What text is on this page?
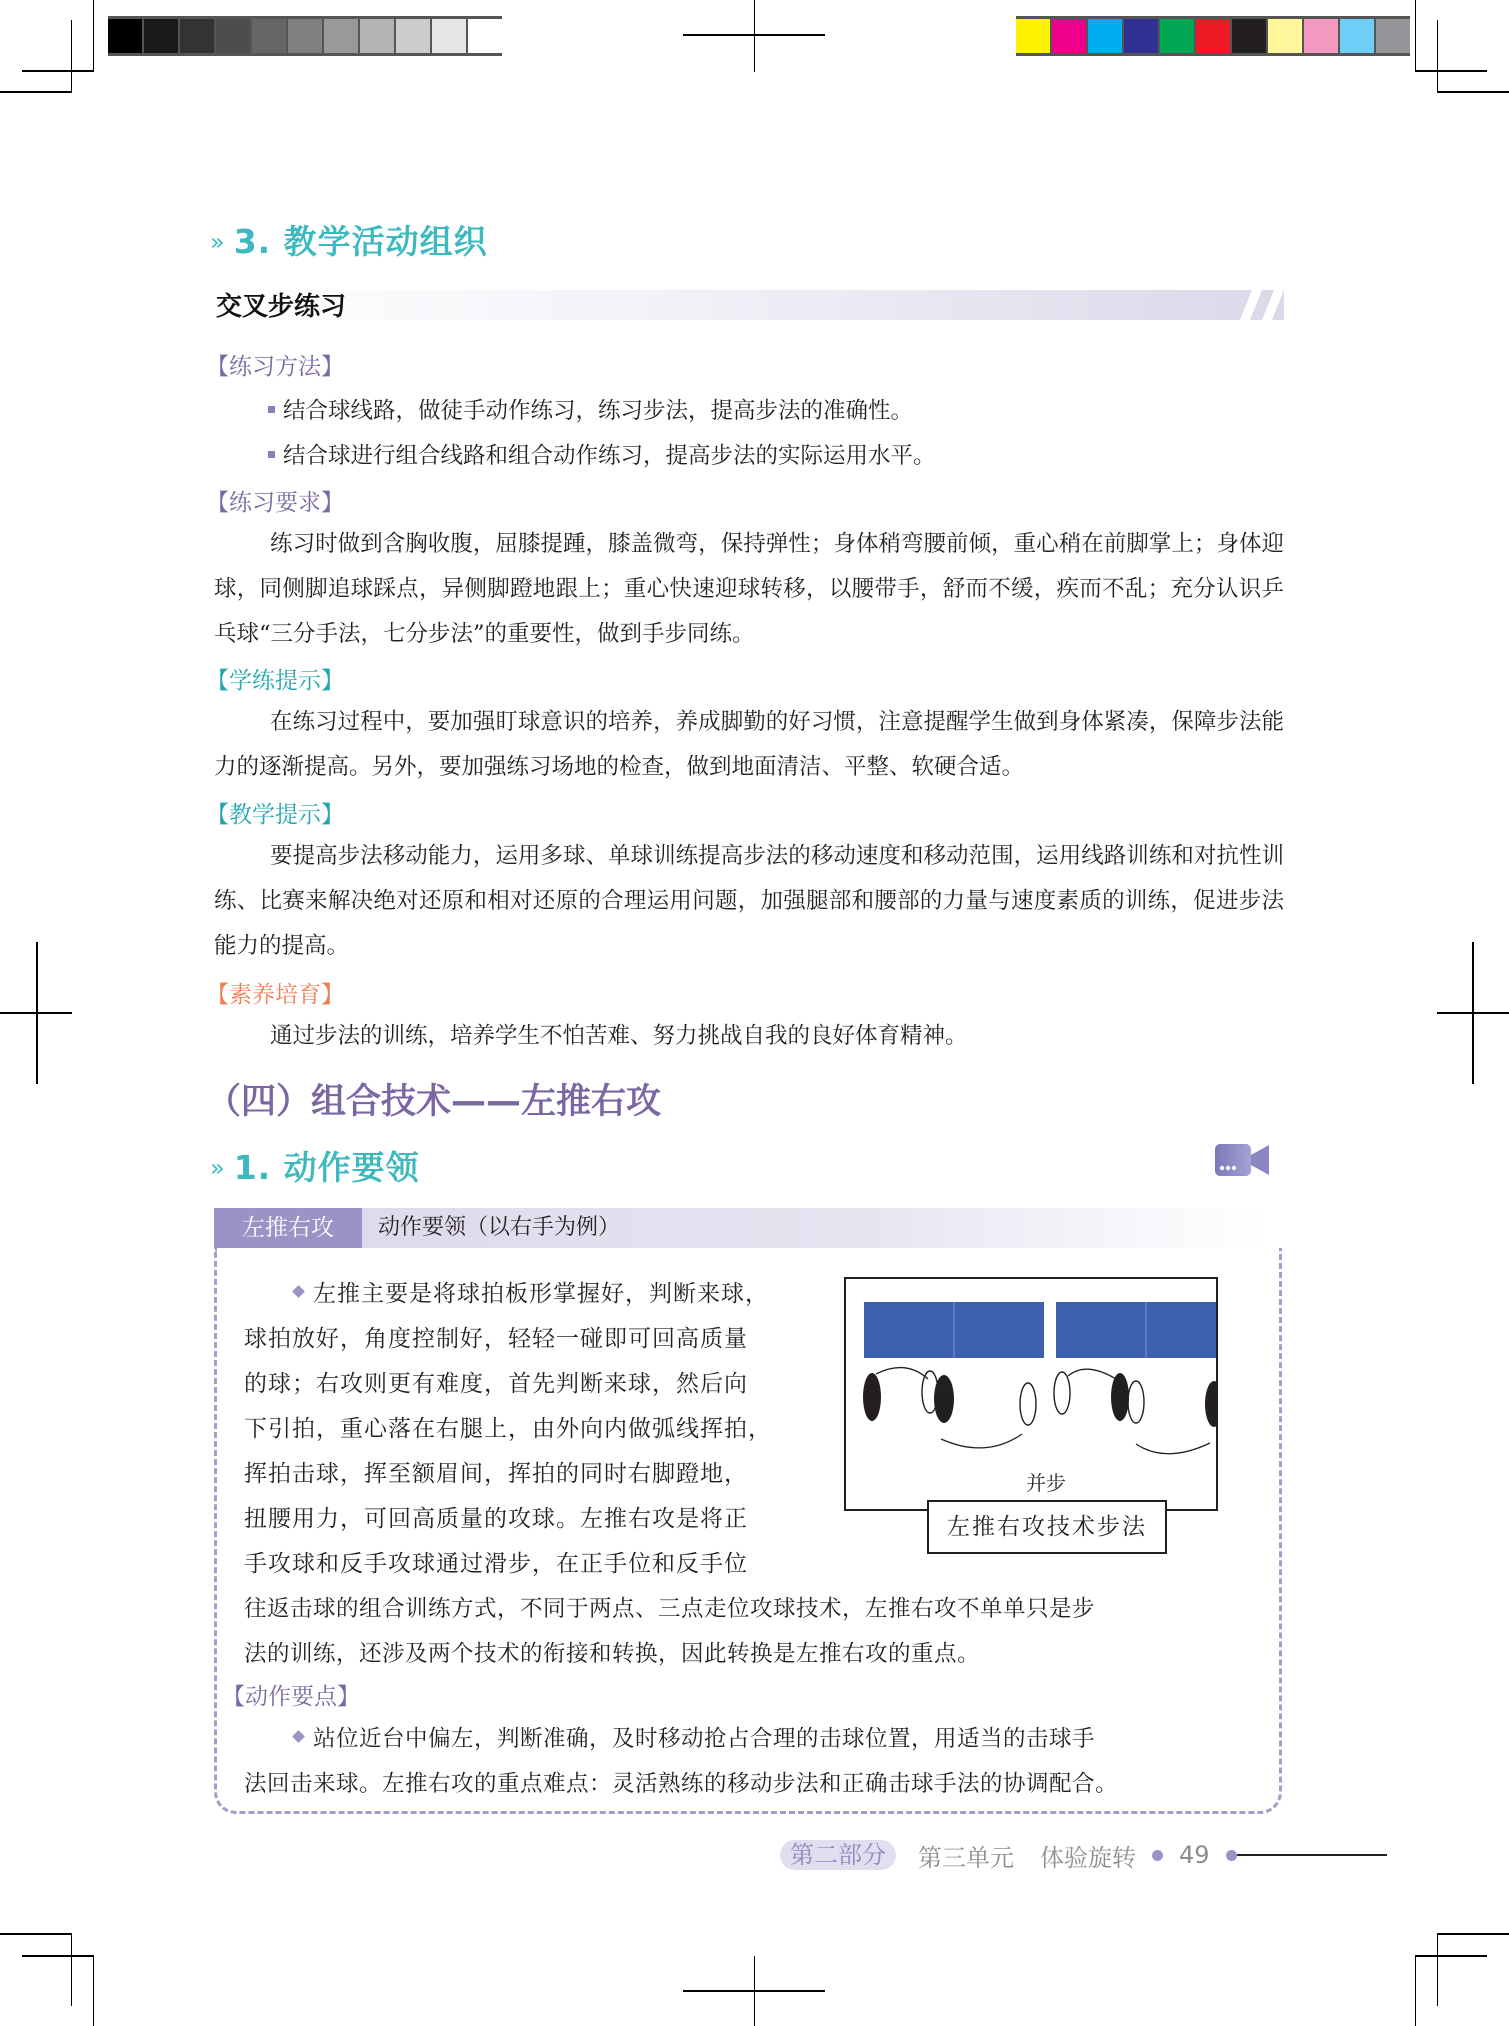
» 3. 教学活动组织
交叉步练习
【练习方法】
结合球线路，做徒手动作练习，练习步法，提高步法的准确性。
结合球进行组合线路和组合动作练习，提高步法的实际运用水平。
【练习要求】
练习时做到含胸收腹，屈膝提踵，膝盖微弯，保持弹性；身体稍弯腰前倾，重心稍在前脚掌上；身体迎球，同侧脚追球踩点，异侧脚蹬地跟上；重心快速迎球转移，以腰带手，舒而不缓，疾而不乱；充分认识乒乓球“三分手法，七分步法”的重要性，做到手步同练。
【学练提示】
在练习过程中，要加强盯球意识的培养，养成脚勤的好习惯，注意提醒学生做到身体紧凑，保障步法能力的逐渐提高。另外，要加强练习场地的检查，做到地面清洁、平整、软硬合适。
【教学提示】
要提高步法移动能力，运用多球、单球训练提高步法的移动速度和移动范围，运用线路训练和对抗性训练、比赛来解决绝对还原和相对还原的合理运用问题，加强腿部和腰部的力量与速度素质的训练，促进步法能力的提高。
【素养培育】
通过步法的训练，培养学生不怕苦难、努力挑战自我的良好体育精神。
（四）组合技术——左推右攻
» 1. 动作要领
左推右攻	动作要领（以右手为例）
左推主要是将球拍板形掌握好，判断来球，
球拍放好，角度控制好，轻轻一碰即可回高质量
的球；右攻则更有难度，首先判断来球，然后向
下引拍，重心落在右腿上，由外向内做弧线挥拍，
挥拍击球，挥至额眉间，挥拍的同时右脚蹬地，
扭腰用力，可回高质量的攻球。左推右攻是将正
手攻球和反手攻球通过滑步，在正手位和反手位
往返击球的组合训练方式，不同于两点、三点走位攻球技术，左推右攻不单单只是步
法的训练，还涉及两个技术的衔接和转换，因此转换是左推右攻的重点。
并步
左推右攻技术步法
【动作要点】
站位近台中偏左，判断准确，及时移动抢占合理的击球位置，用适当的击球手
法回击来球。左推右攻的重点难点：灵活熟练的移动步法和正确击球手法的协调配合。
第二部分	第三单元 体验旋转 49
